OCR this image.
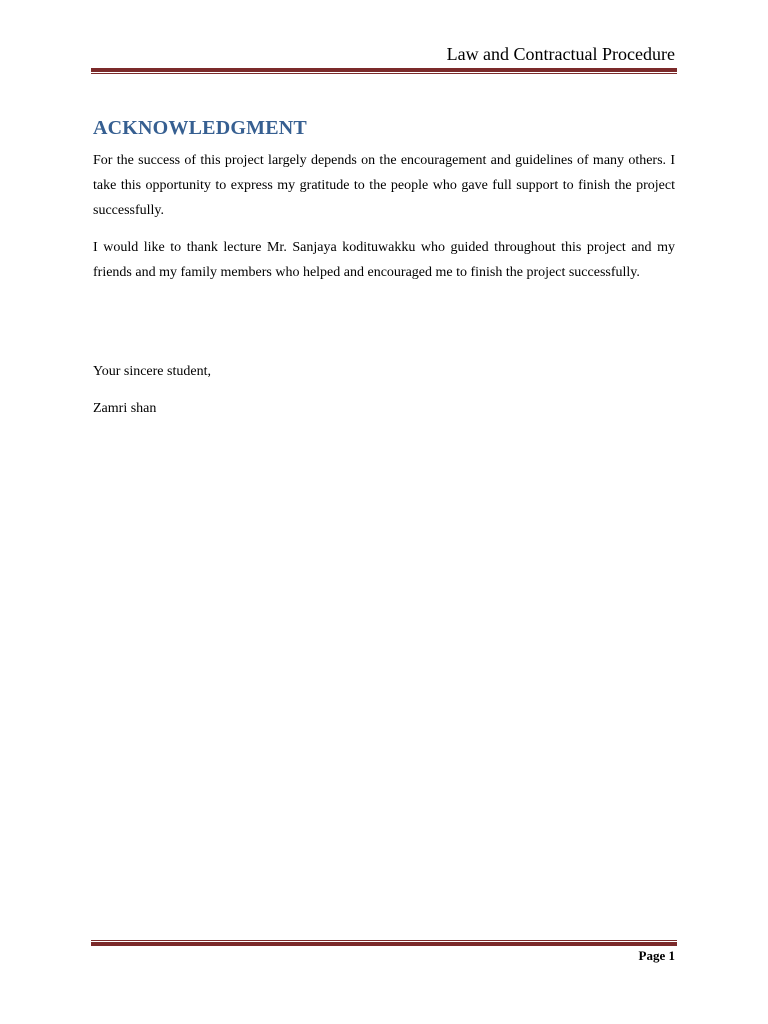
Law and Contractual Procedure
ACKNOWLEDGMENT

For the success of this project largely depends on the encouragement and guidelines of many others. I take this opportunity to express my gratitude to the people who gave full support to finish the project successfully.

I would like to thank lecture Mr. Sanjaya kodituwakku who guided throughout this project and my friends and my family members who helped and encouraged me to finish the project successfully.

Your sincere student,
Zamri shan
Page 1
